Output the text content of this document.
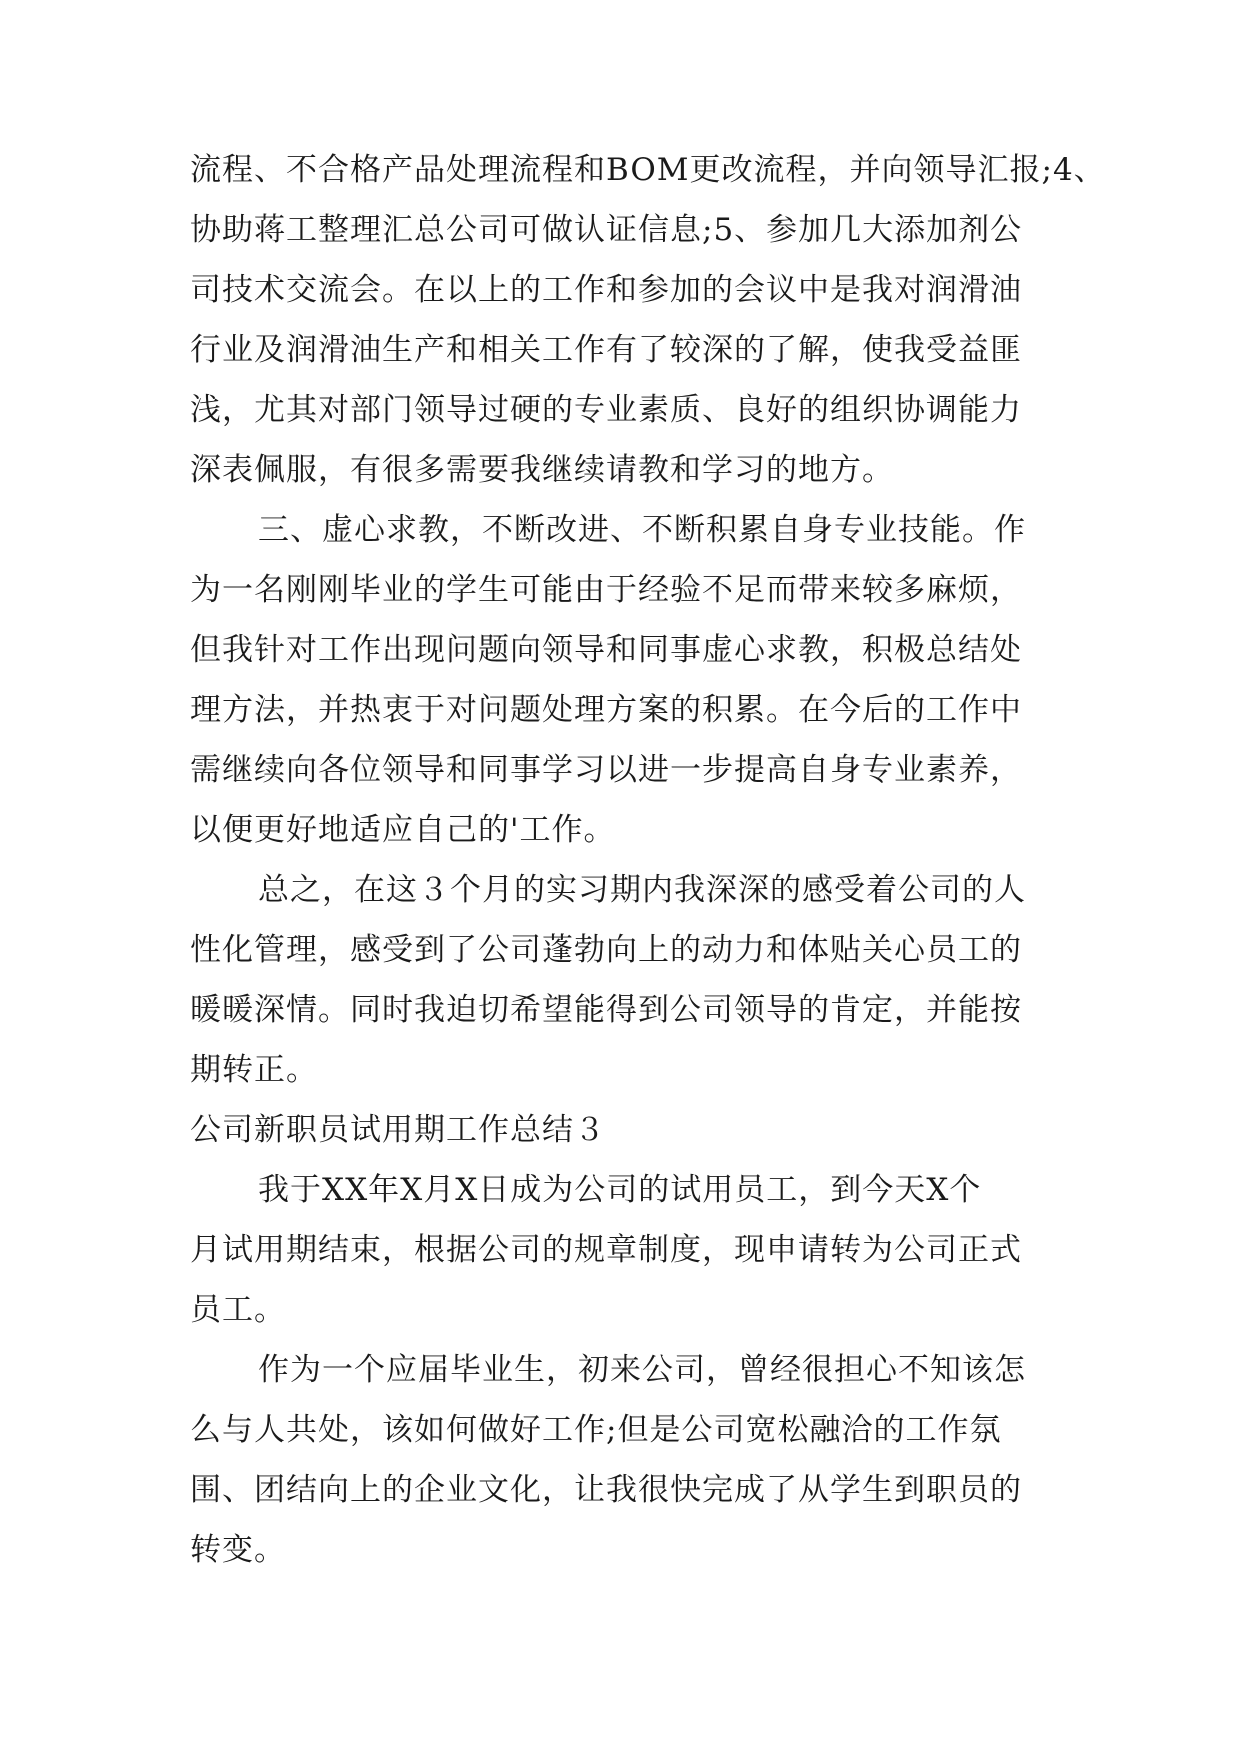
流程、不合格产品处理流程和BOM更改流程，并向领导汇报;4、
协助蒋工整理汇总公司可做认证信息;5、参加几大添加剂公
司技术交流会。在以上的工作和参加的会议中是我对润滑油
行业及润滑油生产和相关工作有了较深的了解，使我受益匪
浅，尤其对部门领导过硬的专业素质、良好的组织协调能力
深表佩服，有很多需要我继续请教和学习的地方。
三、虚心求教，不断改进、不断积累自身专业技能。作
为一名刚刚毕业的学生可能由于经验不足而带来较多麻烦，
但我针对工作出现问题向领导和同事虚心求教，积极总结处
理方法，并热衷于对问题处理方案的积累。在今后的工作中
需继续向各位领导和同事学习以进一步提高自身专业素养，
以便更好地适应自己的'工作。
总之，在这３个月的实习期内我深深的感受着公司的人
性化管理，感受到了公司蓬勃向上的动力和体贴关心员工的
暖暖深情。同时我迫切希望能得到公司领导的肯定，并能按
期转正。
公司新职员试用期工作总结３
我于XX年X月X日成为公司的试用员工，到今天X个
月试用期结束，根据公司的规章制度，现申请转为公司正式
员工。
作为一个应届毕业生，初来公司，曾经很担心不知该怎
么与人共处，该如何做好工作;但是公司宽松融洽的工作氛
围、团结向上的企业文化，让我很快完成了从学生到职员的
转变。
